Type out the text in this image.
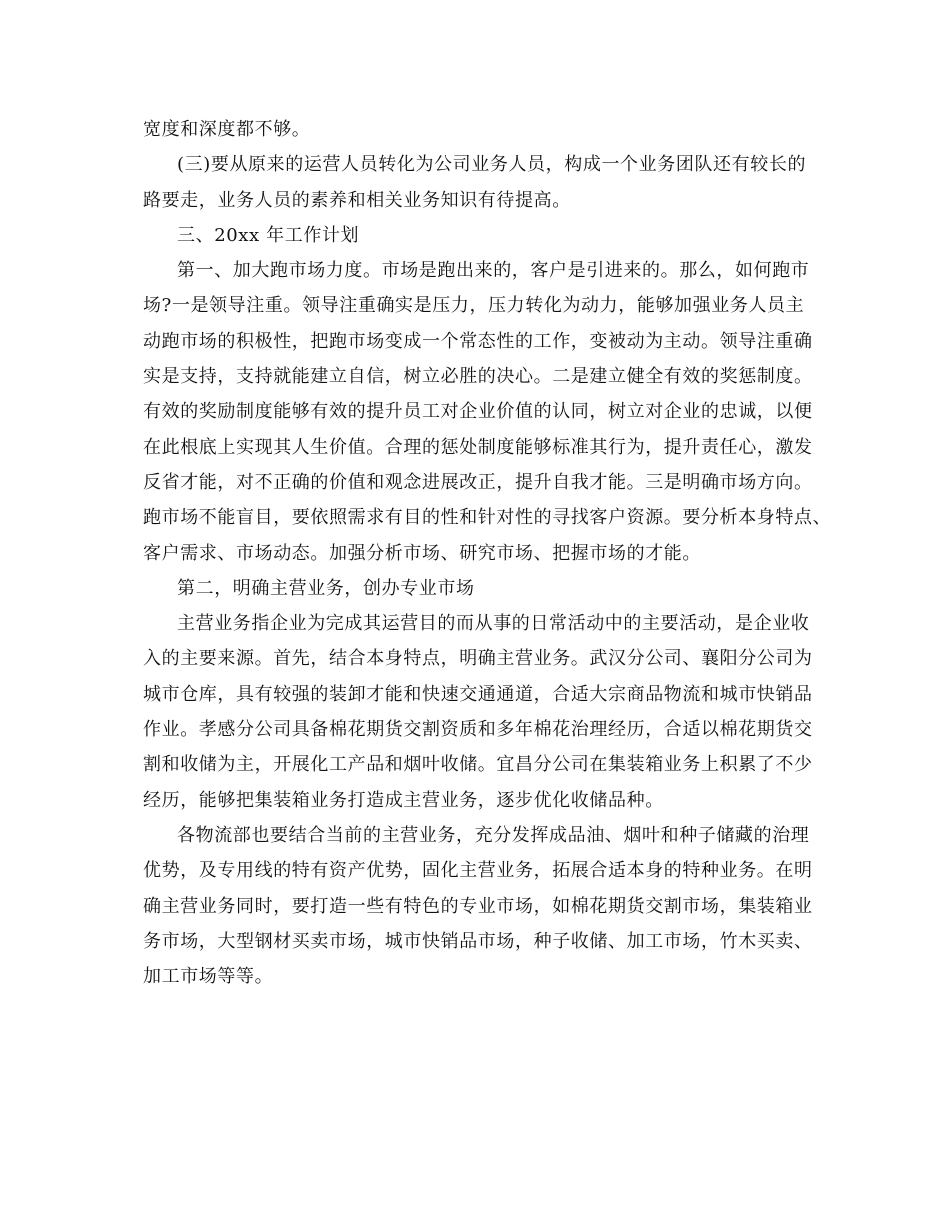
宽度和深度都不够。
(三)要从原来的运营人员转化为公司业务人员，构成一个业务团队还有较长的
路要走，业务人员的素养和相关业务知识有待提高。
三、20xx 年工作计划
第一、加大跑市场力度。市场是跑出来的，客户是引进来的。那么，如何跑市
场?一是领导注重。领导注重确实是压力，压力转化为动力，能够加强业务人员主
动跑市场的积极性，把跑市场变成一个常态性的工作，变被动为主动。领导注重确
实是支持，支持就能建立自信，树立必胜的决心。二是建立健全有效的奖惩制度。
有效的奖励制度能够有效的提升员工对企业价值的认同，树立对企业的忠诚，以便
在此根底上实现其人生价值。合理的惩处制度能够标准其行为，提升责任心，激发
反省才能，对不正确的价值和观念进展改正，提升自我才能。三是明确市场方向。
跑市场不能盲目，要依照需求有目的性和针对性的寻找客户资源。要分析本身特点、
客户需求、市场动态。加强分析市场、研究市场、把握市场的才能。
第二，明确主营业务，创办专业市场
主营业务指企业为完成其运营目的而从事的日常活动中的主要活动，是企业收
入的主要来源。首先，结合本身特点，明确主营业务。武汉分公司、襄阳分公司为
城市仓库，具有较强的装卸才能和快速交通通道，合适大宗商品物流和城市快销品
作业。孝感分公司具备棉花期货交割资质和多年棉花治理经历，合适以棉花期货交
割和收储为主，开展化工产品和烟叶收储。宜昌分公司在集装箱业务上积累了不少
经历，能够把集装箱业务打造成主营业务，逐步优化收储品种。
各物流部也要结合当前的主营业务，充分发挥成品油、烟叶和种子储藏的治理
优势，及专用线的特有资产优势，固化主营业务，拓展合适本身的特种业务。在明
确主营业务同时，要打造一些有特色的专业市场，如棉花期货交割市场，集装箱业
务市场，大型钢材买卖市场，城市快销品市场，种子收储、加工市场，竹木买卖、
加工市场等等。
